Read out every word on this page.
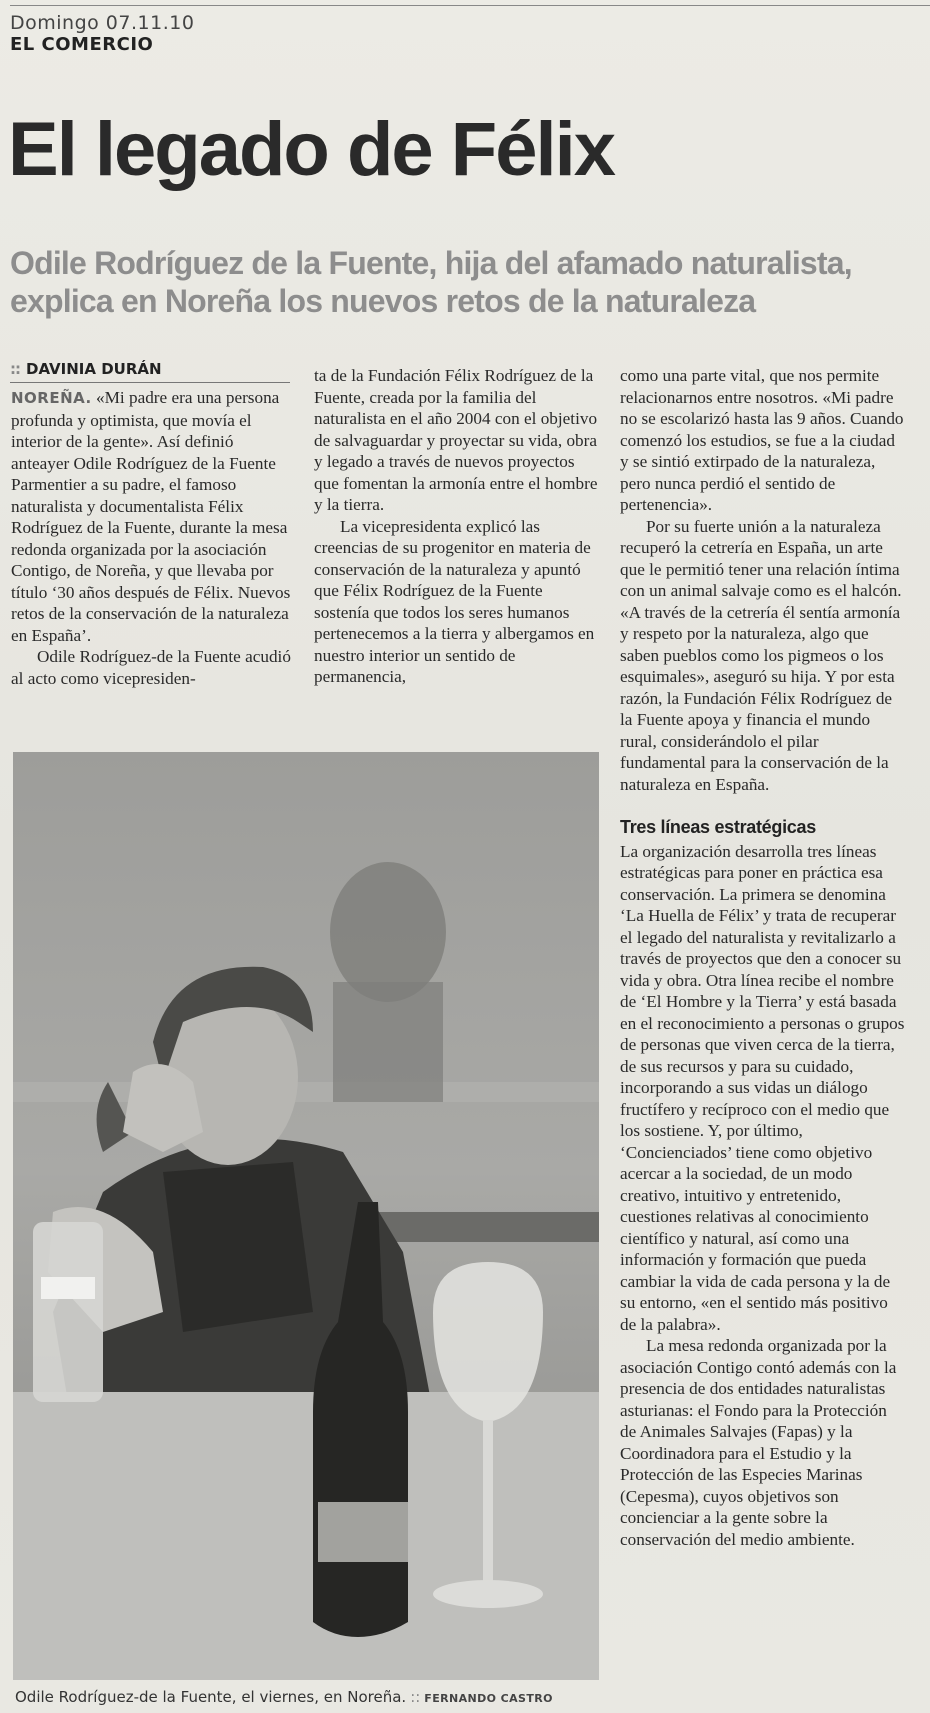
Domingo 07.11.10
EL COMERCIO
El legado de Félix
Odile Rodríguez de la Fuente, hija del afamado naturalista, explica en Noreña los nuevos retos de la naturaleza
:: DAVINIA DURÁN

NOREÑA. «Mi padre era una persona profunda y optimista, que movía el interior de la gente». Así definió anteayer Odile Rodríguez de la Fuente Parmentier a su padre, el famoso naturalista y documentalista Félix Rodríguez de la Fuente, durante la mesa redonda organizada por la asociación Contigo, de Noreña, y que llevaba por título ‘30 años después de Félix. Nuevos retos de la conservación de la naturaleza en España’.

Odile Rodríguez-de la Fuente acudió al acto como vicepresiden-

ta de la Fundación Félix Rodríguez de la Fuente, creada por la familia del naturalista en el año 2004 con el objetivo de salvaguardar y proyectar su vida, obra y legado a través de nuevos proyectos que fomentan la armonía entre el hombre y la tierra.

La vicepresidenta explicó las creencias de su progenitor en materia de conservación de la naturaleza y apuntó que Félix Rodríguez de la Fuente sostenía que todos los seres humanos pertenecemos a la tierra y albergamos en nuestro interior un sentido de permanencia,

como una parte vital, que nos permite relacionarnos entre nosotros. «Mi padre no se escolarizó hasta las 9 años. Cuando comenzó los estudios, se fue a la ciudad y se sintió extirpado de la naturaleza, pero nunca perdió el sentido de pertenencia».

Por su fuerte unión a la naturaleza recuperó la cetrería en España, un arte que le permitió tener una relación íntima con un animal salvaje como es el halcón. «A través de la cetrería él sentía armonía y respeto por la naturaleza, algo que saben pueblos como los pigmeos o los esquimales», aseguró su hija. Y por esta razón, la Fundación Félix Rodríguez de la Fuente apoya y financia el mundo rural, considerándolo el pilar fundamental para la conservación de la naturaleza en España.

Tres líneas estratégicas

La organización desarrolla tres líneas estratégicas para poner en práctica esa conservación. La primera se denomina ‘La Huella de Félix’ y trata de recuperar el legado del naturalista y revitalizarlo a través de proyectos que den a conocer su vida y obra. Otra línea recibe el nombre de ‘El Hombre y la Tierra’ y está basada en el reconocimiento a personas o grupos de personas que viven cerca de la tierra, de sus recursos y para su cuidado, incorporando a sus vidas un diálogo fructífero y recíproco con el medio que los sostiene. Y, por último, ‘Concienciados’ tiene como objetivo acercar a la sociedad, de un modo creativo, intuitivo y entretenido, cuestiones relativas al conocimiento científico y natural, así como una información y formación que pueda cambiar la vida de cada persona y la de su entorno, «en el sentido más positivo de la palabra».

La mesa redonda organizada por la asociación Contigo contó además con la presencia de dos entidades naturalistas asturianas: el Fondo para la Protección de Animales Salvajes (Fapas) y la Coordinadora para el Estudio y la Protección de las Especies Marinas (Cepesma), cuyos objetivos son concienciar a la gente sobre la conservación del medio ambiente.

Odile Rodríguez-de la Fuente, el viernes, en Noreña. :: FERNANDO CASTRO
